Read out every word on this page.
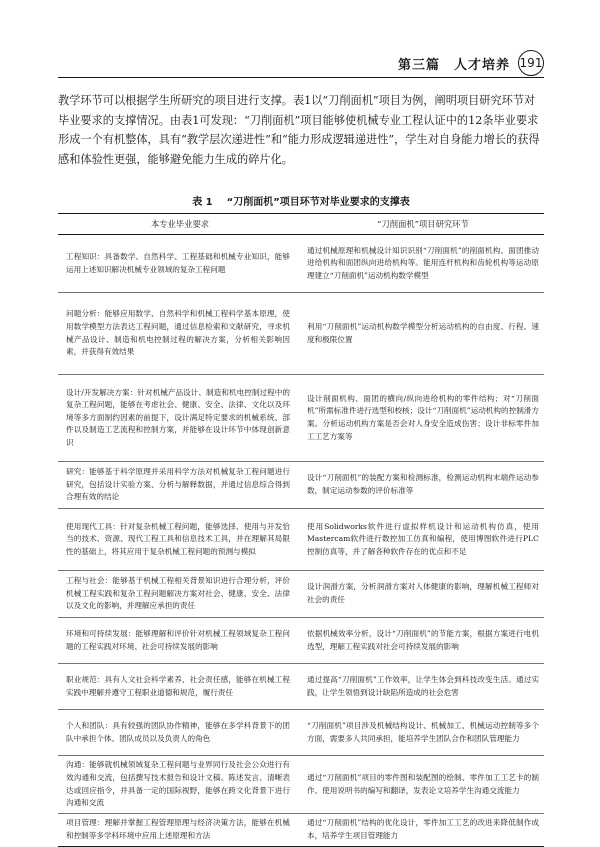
第三篇　人才培养 191

教学环节可以根据学生所研究的项目进行支撑。表1以“刀削面机”项目为例，阐明项目研究环节对毕业要求的支撑情况。由表1可发现：“刀削面机”项目能够使机械专业工程认证中的12条毕业要求形成一个有机整体，具有“教学层次递进性”和“能力形成逻辑递进性”，学生对自身能力增长的获得感和体验性更强，能够避免能力生成的碎片化。

表 1 “刀削面机”项目环节对毕业要求的支撑表
本专业毕业要求	“刀削面机”项目研究环节
工程知识：具备数学、自然科学、工程基础和机械专业知识，能够运用上述知识解决机械专业领域的复杂工程问题	通过机械原理和机械设计知识识别“刀削面机”的削面机构、面团推动进给机构和面团纵向进给机构等。能用连杆机构和齿轮机构等运动原理建立“刀削面机”运动机构数学模型
问题分析：能够应用数学、自然科学和机械工程科学基本原理，使用数学模型方法表达工程问题，通过信息检索和文献研究，寻求机械产品设计、制造和机电控制过程的解决方案，分析相关影响因素，并获得有效结果	利用“刀削面机”运动机构数学模型分析运动机构的自由度、行程、速度和极限位置
设计/开发解决方案：针对机械产品设计、制造和机电控制过程中的复杂工程问题，能够在考虑社会、健康、安全、法律、文化以及环境等多方面制约因素的前提下，设计满足特定要求的机械系统、部件以及制造工艺流程和控制方案，并能够在设计环节中体现创新意识	设计削面机构、面团的横向/纵向进给机构的零件结构；对“刀削面机”所需标准件进行选型和校核；设计“刀削面机”运动机构的控制滑方案。分析运动机构方案是否会对人身安全造成伤害；设计非标零件加工工艺方案等
研究：能够基于科学原理并采用科学方法对机械复杂工程问题进行研究，包括设计实验方案、分析与解释数据，并通过信息综合得到合理有效的结论	设计“刀削面机”的装配方案和检测标准，检测运动机构末端件运动参数，制定运动参数的评价标准等
使用现代工具：针对复杂机械工程问题，能够选择、使用与开发恰当的技术、资源、现代工程工具和信息技术工具，并在理解其局限性的基础上，将其应用于复杂机械工程问题的预测与模拟	使用Solidworks软件进行虚拟样机设计和运动机构仿真，使用Mastercam软件进行数控加工仿真和编程，使用博图软件进行PLC控制仿真等，并了解各种软件存在的优点和不足
工程与社会：能够基于机械工程相关背景知识进行合理分析，评价机械工程实践和复杂工程问题解决方案对社会、健康、安全、法律以及文化的影响，并理解应承担的责任	设计润滑方案，分析润滑方案对人体健康的影响，理解机械工程师对社会的责任
环境和可持续发展：能够理解和评价针对机械工程领域复杂工程问题的工程实践对环境、社会可持续发展的影响	依据机械效率分析，设计“刀削面机”的节能方案，根据方案进行电机选型，理解工程实践对社会可持续发展的影响
职业规范：具有人文社会科学素养、社会责任感，能够在机械工程实践中理解并遵守工程职业道德和规范，履行责任	通过提高“刀削面机”工作效率，让学生体会到科技改变生活。通过实践，让学生领悟到设计缺陷所造成的社会危害
个人和团队：具有较强的团队协作精神，能够在多学科背景下的团队中承担个体、团队成员以及负责人的角色	“刀削面机”项目涉及机械结构设计、机械加工、机械运动控制等多个方面，需要多人共同承担，能培养学生团队合作和团队管理能力
沟通：能够就机械领域复杂工程问题与业界同行及社会公众进行有效沟通和交流，包括撰写技术报告和设计文稿、陈述发言、清晰表达或回应指令，并具备一定的国际视野，能够在跨文化背景下进行沟通和交流	通过“刀削面机”项目的零件图和装配图的绘制、零件加工工艺卡的制作、使用说明书的编写和翻译，发表论文培养学生沟通交流能力
项目管理：理解并掌握工程管理原理与经济决策方法，能够在机械和控制等多学科环境中应用上述原理和方法	通过“刀削面机”结构的优化设计，零件加工工艺的改进来降低制作成本，培养学生项目管理能力
